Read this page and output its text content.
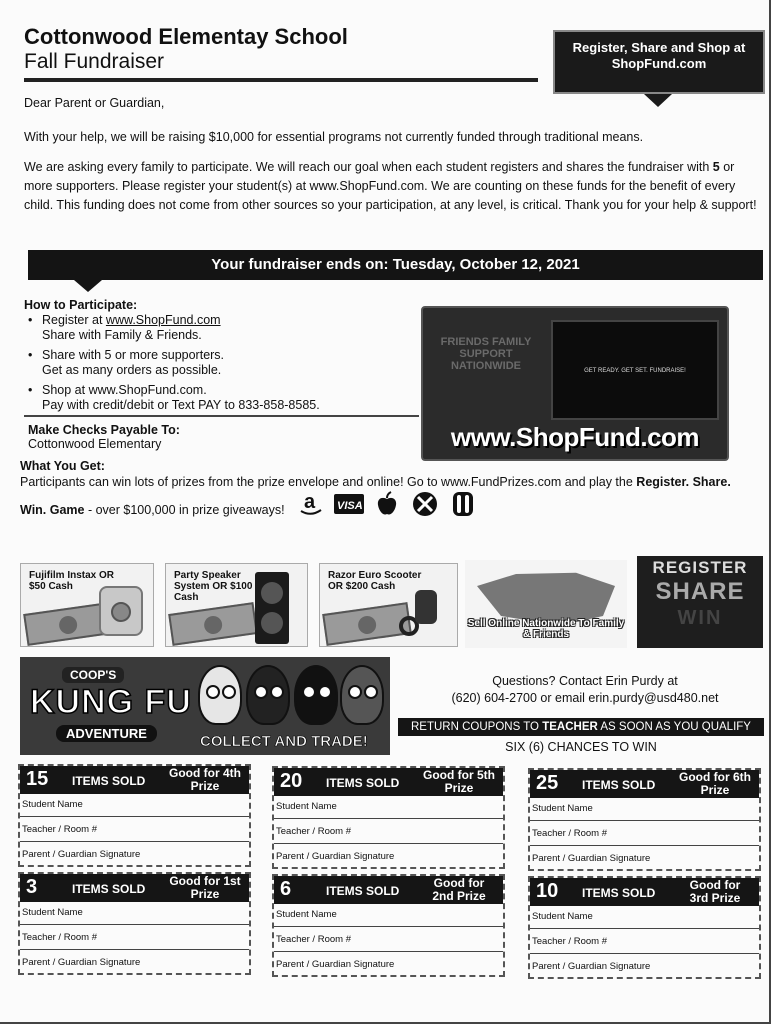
Cottonwood Elementay School
Fall Fundraiser
Register, Share and Shop at ShopFund.com
Dear Parent or Guardian,
With your help, we will be raising $10,000 for essential programs not currently funded through traditional means.
We are asking every family to participate. We will reach our goal when each student registers and shares the fundraiser with 5 or more supporters. Please register your student(s) at www.ShopFund.com. We are counting on these funds for the benefit of every child. This funding does not come from other sources so your participation, at any level, is critical. Thank you for your help & support!
Your fundraiser ends on: Tuesday, October 12, 2021
How to Participate:
• Register at www.ShopFund.com
Share with Family & Friends.
• Share with 5 or more supporters.
Get as many orders as possible.
• Shop at www.ShopFund.com.
Pay with credit/debit or Text PAY to 833-858-8585.
Make Checks Payable To:
Cottonwood Elementary
FRIENDS FAMILY SUPPORT NATIONWIDE	GET READY. GET SET. FUNDRAISE!
www.ShopFund.com
What You Get:
Participants can win lots of prizes from the prize envelope and online! Go to www.FundPrizes.com and play the Register. Share.
Win. Game - over $100,000 in prize giveaways! a VISA
Fujifilm Instax OR $50 Cash
Party Speaker System OR $100 Cash
Razor Euro Scooter OR $200 Cash
Sell Online Nationwide To Family & Friends
REGISTER
SHARE
WIN
COOP'S
KUNG FU
ADVENTURE	COLLECT AND TRADE!
Questions? Contact Erin Purdy at
(620) 604-2700 or email erin.purdy@usd480.net
RETURN COUPONS TO TEACHER AS SOON AS YOU QUALIFY
SIX (6) CHANCES TO WIN
15 ITEMS SOLD
Good for 4th Prize
Student Name
Teacher / Room #
Parent / Guardian Signature
20 ITEMS SOLD
Good for 5th Prize
Student Name
Teacher / Room #
Parent / Guardian Signature
25 ITEMS SOLD
Good for 6th Prize
Student Name
Teacher / Room #
Parent / Guardian Signature
3	ITEMS SOLD
Good for 1st Prize
Student Name
Teacher / Room #
Parent / Guardian Signature
6	ITEMS SOLD
Good for 2nd Prize
Student Name
Teacher / Room #
Parent / Guardian Signature
10 ITEMS SOLD
Good for 3rd Prize
Student Name
Teacher / Room #
Parent / Guardian Signature
